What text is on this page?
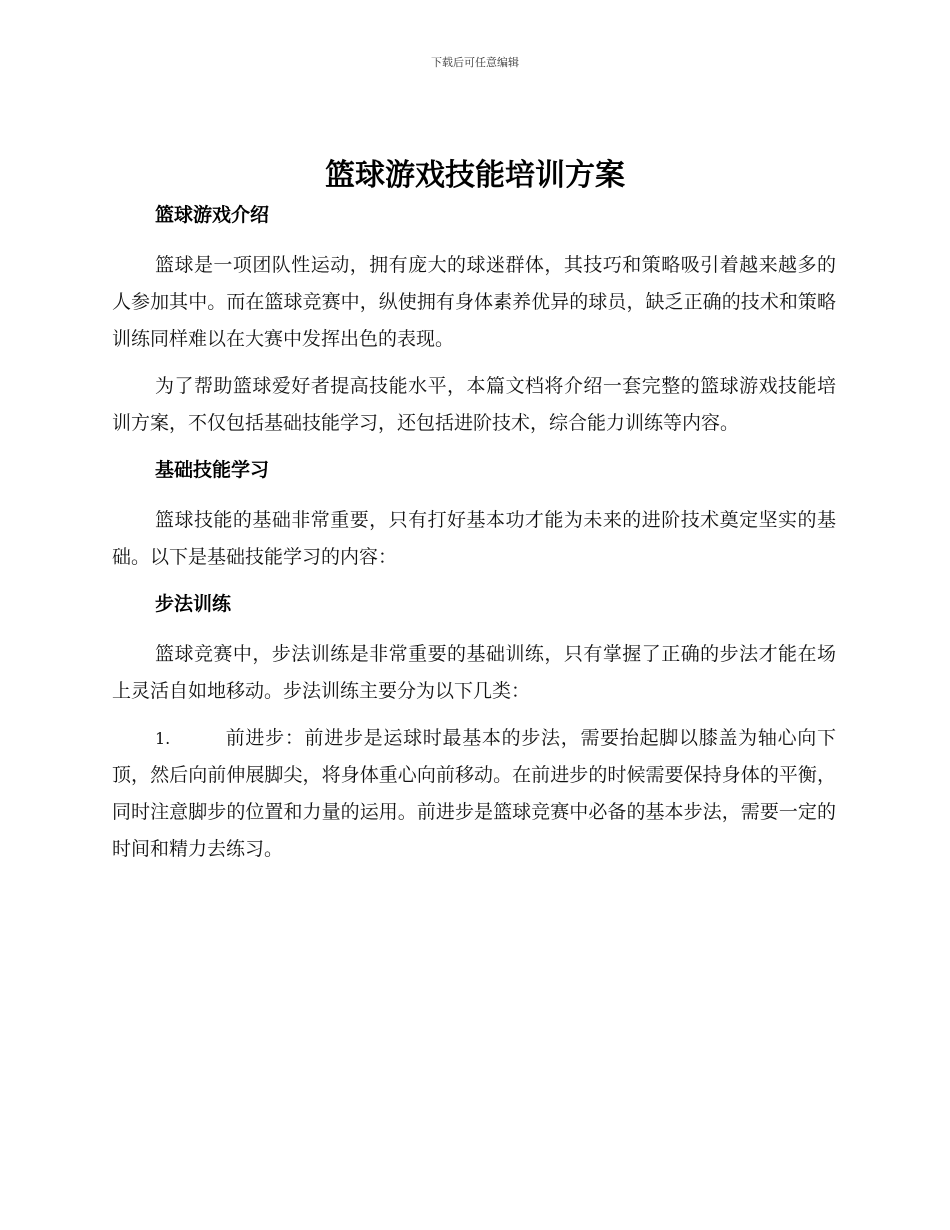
下载后可任意编辑
篮球游戏技能培训方案
篮球游戏介绍

篮球是一项团队性运动，拥有庞大的球迷群体，其技巧和策略吸引着越来越多的人参加其中。而在篮球竞赛中，纵使拥有身体素养优异的球员，缺乏正确的技术和策略训练同样难以在大赛中发挥出色的表现。

为了帮助篮球爱好者提高技能水平，本篇文档将介绍一套完整的篮球游戏技能培训方案，不仅包括基础技能学习，还包括进阶技术，综合能力训练等内容。

基础技能学习

篮球技能的基础非常重要，只有打好基本功才能为未来的进阶技术奠定坚实的基础。以下是基础技能学习的内容：

步法训练

篮球竞赛中，步法训练是非常重要的基础训练，只有掌握了正确的步法才能在场上灵活自如地移动。步法训练主要分为以下几类：

1.	前进步：前进步是运球时最基本的步法，需要抬起脚以膝盖为轴心向下顶，然后向前伸展脚尖，将身体重心向前移动。在前进步的时候需要保持身体的平衡，同时注意脚步的位置和力量的运用。前进步是篮球竞赛中必备的基本步法，需要一定的时间和精力去练习。
